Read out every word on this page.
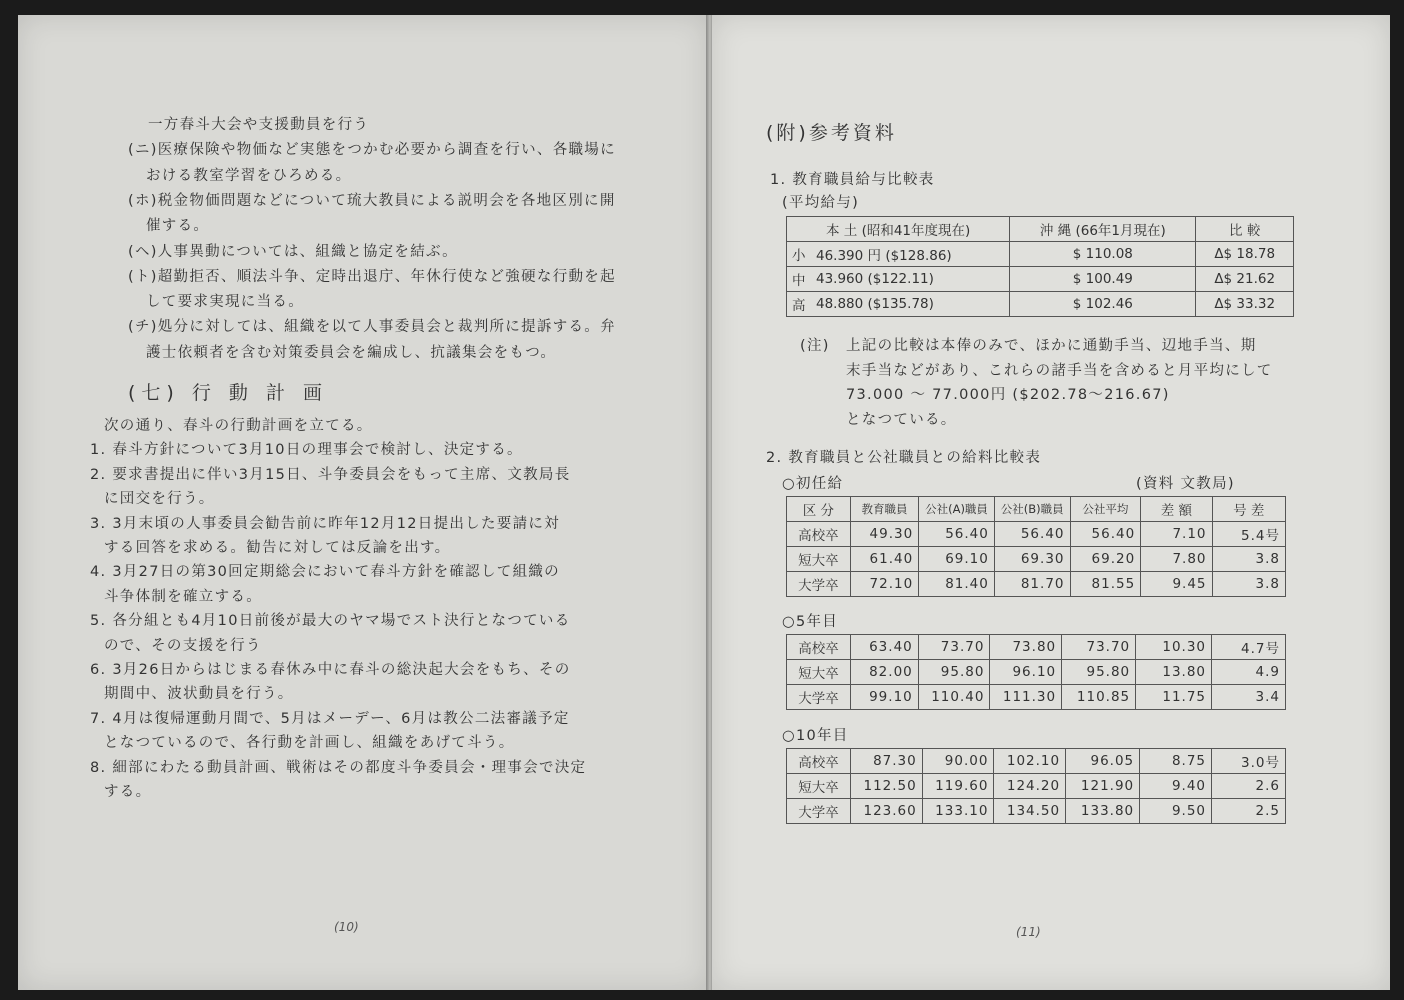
一方春斗大会や支援動員を行う
(ニ)医療保険や物価など実態をつかむ必要から調査を行い、各職場に
おける教室学習をひろめる。
(ホ)税金物価問題などについて琉大教員による説明会を各地区別に開
催する。
(ヘ)人事異動については、組織と協定を結ぶ。
(ト)超勤拒否、順法斗争、定時出退庁、年休行使など強硬な行動を起
して要求実現に当る。
(チ)処分に対しては、組織を以て人事委員会と裁判所に提訴する。弁
護士依頼者を含む対策委員会を編成し、抗議集会をもつ。
(七) 行 動 計 画
次の通り、春斗の行動計画を立てる。
1. 春斗方針について3月10日の理事会で検討し、決定する。
2. 要求書提出に伴い3月15日、斗争委員会をもって主席、文教局長
に団交を行う。
3. 3月末頃の人事委員会勧告前に昨年12月12日提出した要請に対
する回答を求める。勧告に対しては反論を出す。
4. 3月27日の第30回定期総会において春斗方針を確認して組織の
斗争体制を確立する。
5. 各分組とも4月10日前後が最大のヤマ場でスト決行となつている
ので、その支援を行う
6. 3月26日からはじまる春休み中に春斗の総決起大会をもち、その
期間中、波状動員を行う。
7. 4月は復帰運動月間で、5月はメーデー、6月は教公二法審議予定
となつているので、各行動を計画し、組織をあげて斗う。
8. 細部にわたる動員計画、戦術はその都度斗争委員会・理事会で決定
する。
(10)
(附)参考資料
1. 教育職員給与比較表
(平均給与)
本 土 (昭和41年度現在)		沖 縄 (66年1月現在)	比 較
小	46.390 円 ($128.86)	$ 110.08	Δ$ 18.78
中	43.960 ($122.11)	$ 100.49	Δ$ 21.62
高	48.880 ($135.78)	$ 102.46	Δ$ 33.32
(注) 上記の比較は本俸のみで、ほかに通勤手当、辺地手当、期
末手当などがあり、これらの諸手当を含めると月平均にして
73.000 〜 77.000円 ($202.78〜216.67)
となつている。
2. 教育職員と公社職員との給料比較表
○初任給	(資料 文教局)
区 分	教育職員	公社(A)職員	公社(B)職員	公社平均	差 額	号 差
高校卒	49.30	56.40	56.40	56.40	7.10	5.4号
短大卒	61.40	69.10	69.30	69.20	7.80	3.8
大学卒	72.10	81.40	81.70	81.55	9.45	3.8
○5年目
高校卒	63.40	73.70	73.80	73.70	10.30	4.7号
短大卒	82.00	95.80	96.10	95.80	13.80	4.9
大学卒	99.10	110.40	111.30	110.85	11.75	3.4
○10年目
高校卒	87.30	90.00	102.10	96.05	8.75	3.0号
短大卒	112.50	119.60	124.20	121.90	9.40	2.6
大学卒	123.60	133.10	134.50	133.80	9.50	2.5
(11)
